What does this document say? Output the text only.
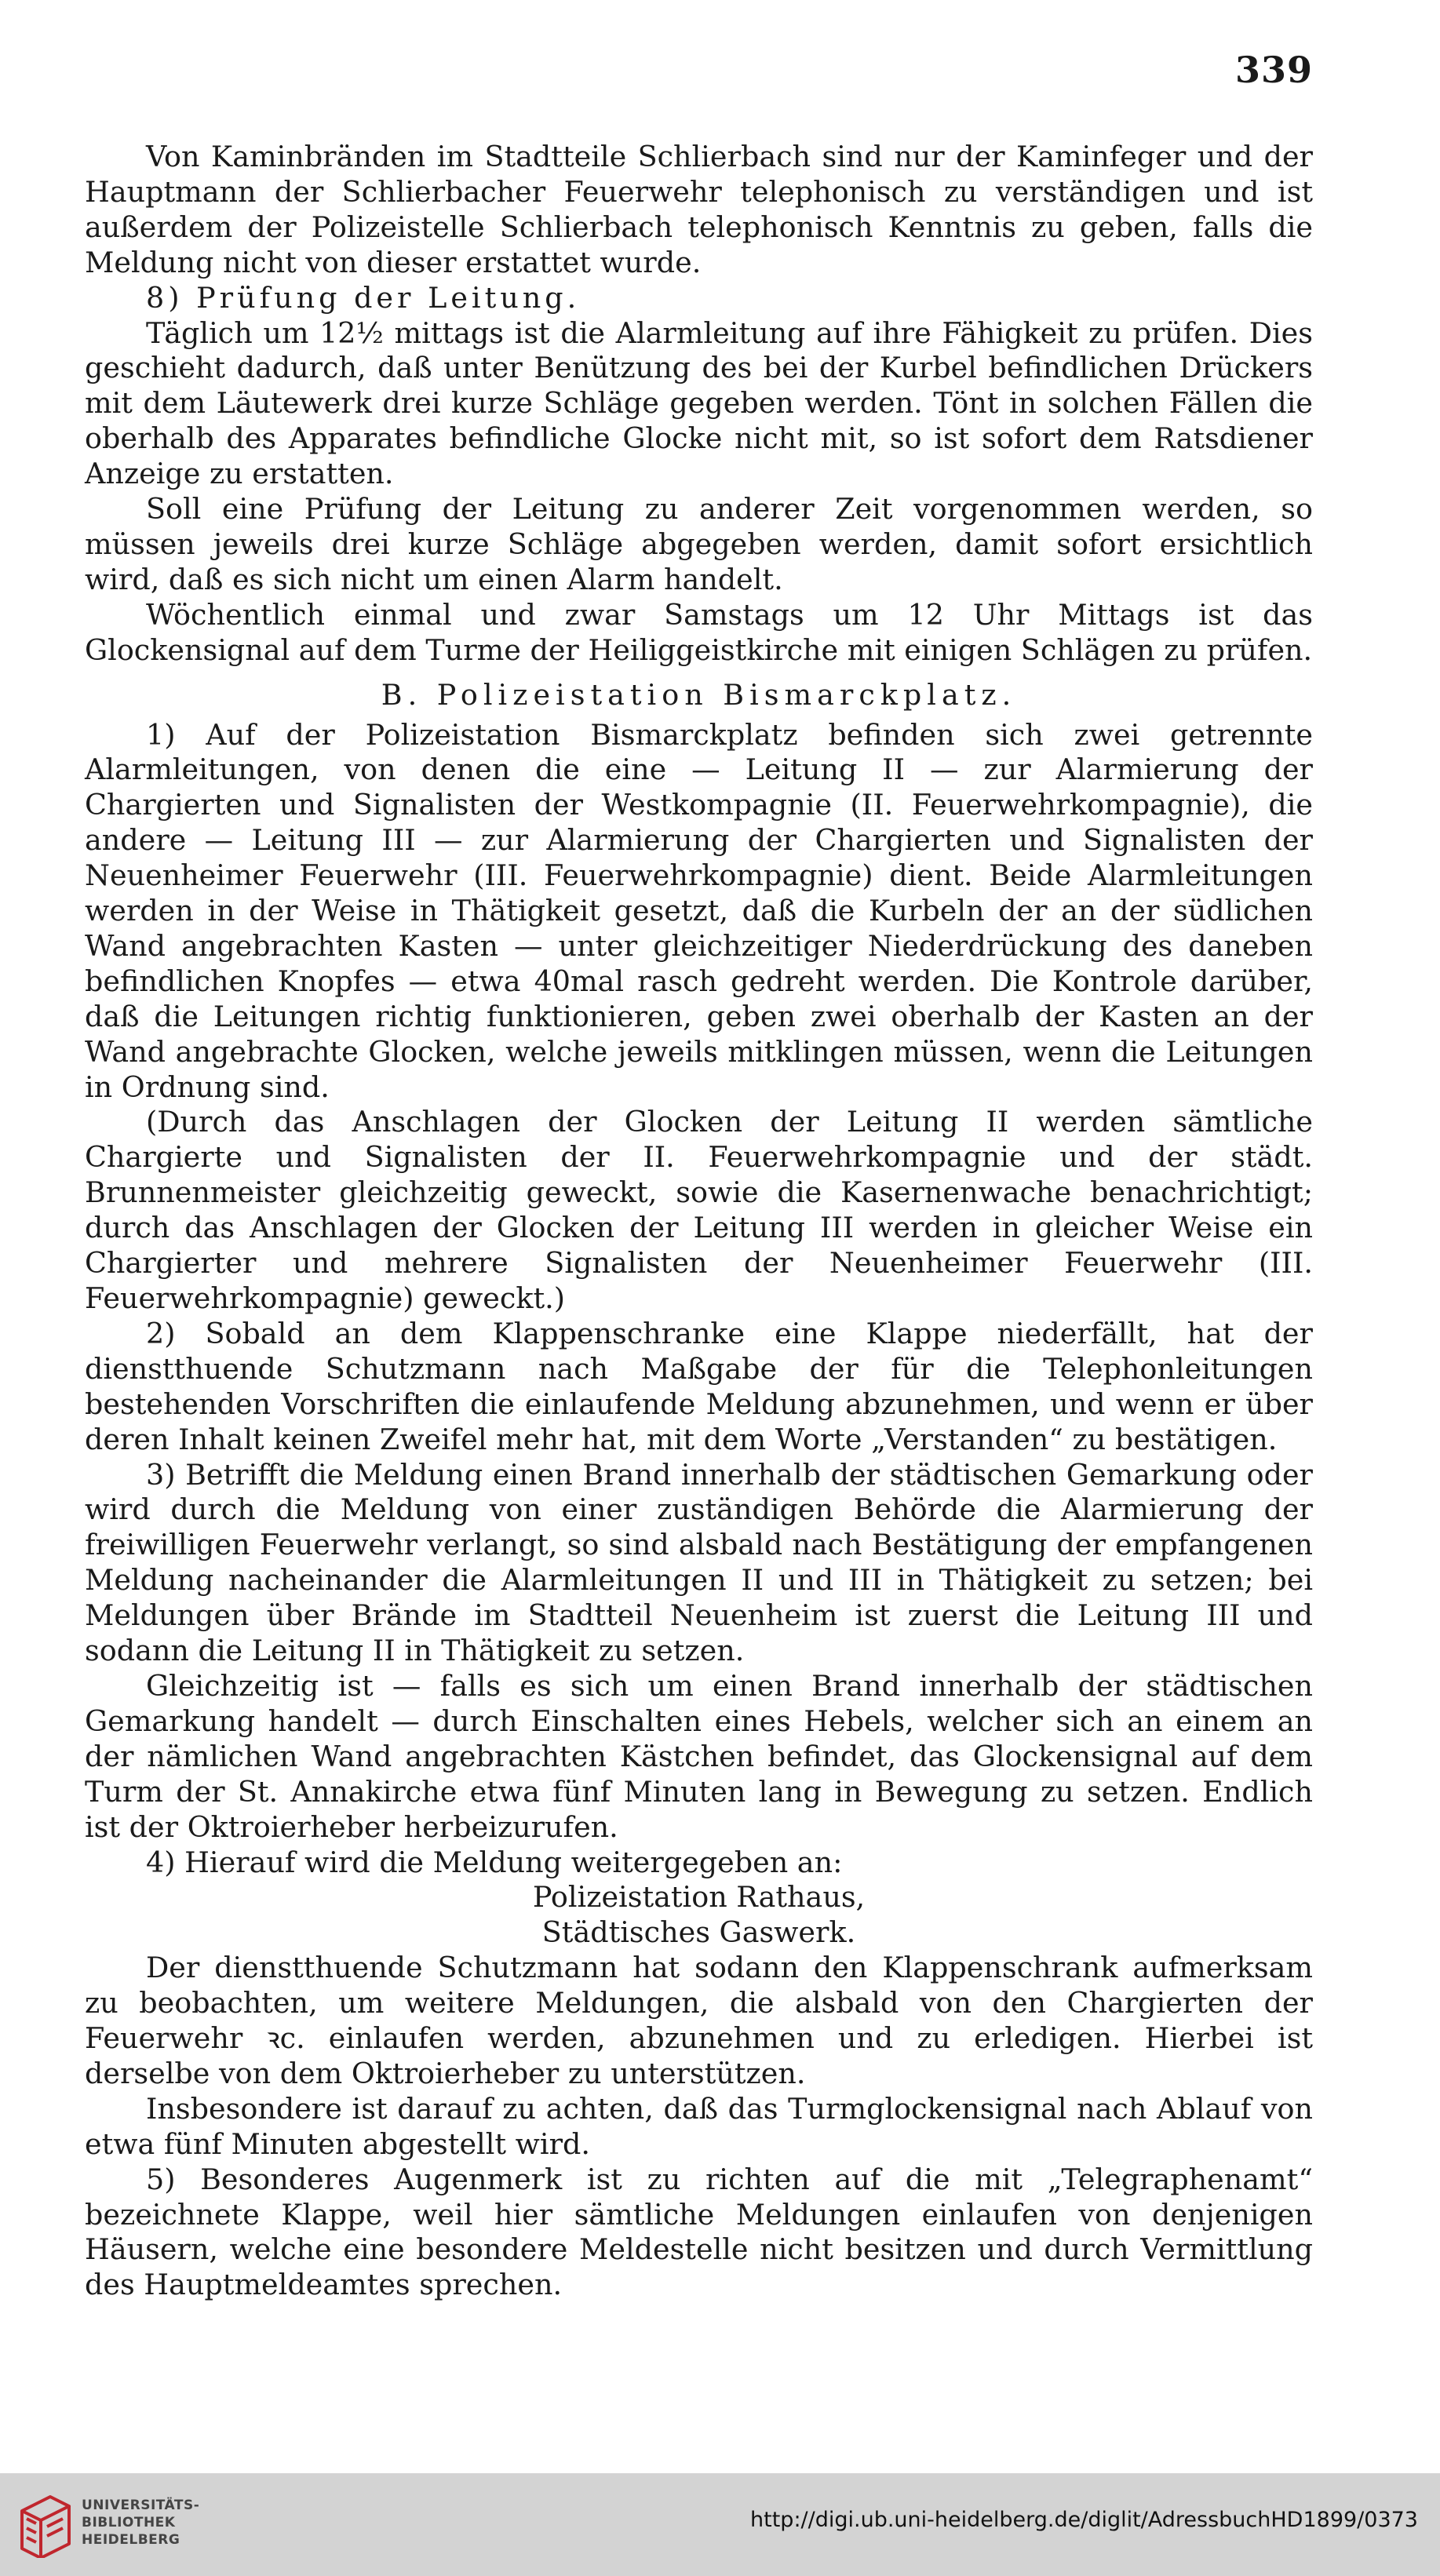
339

Von Kaminbränden im Stadtteile Schlierbach sind nur der Kaminfeger und der Hauptmann der Schlierbacher Feuerwehr telephonisch zu verständigen und ist außerdem der Polizeistelle Schlierbach telephonisch Kenntnis zu geben, falls die Meldung nicht von dieser erstattet wurde.

8) Prüfung der Leitung.

Täglich um 12½ mittags ist die Alarmleitung auf ihre Fähigkeit zu prüfen. Dies geschieht dadurch, daß unter Benützung des bei der Kurbel befindlichen Drückers mit dem Läutewerk drei kurze Schläge gegeben werden. Tönt in solchen Fällen die oberhalb des Apparates befindliche Glocke nicht mit, so ist sofort dem Ratsdiener Anzeige zu erstatten.

Soll eine Prüfung der Leitung zu anderer Zeit vorgenommen werden, so müssen jeweils drei kurze Schläge abgegeben werden, damit sofort ersichtlich wird, daß es sich nicht um einen Alarm handelt.

Wöchentlich einmal und zwar Samstags um 12 Uhr Mittags ist das Glockensignal auf dem Turme der Heiliggeistkirche mit einigen Schlägen zu prüfen.

B. Polizeistation Bismarckplatz.

1) Auf der Polizeistation Bismarckplatz befinden sich zwei getrennte Alarmleitungen, von denen die eine — Leitung II — zur Alarmierung der Chargierten und Signalisten der Westkompagnie (II. Feuerwehrkompagnie), die andere — Leitung III — zur Alarmierung der Chargierten und Signalisten der Neuenheimer Feuerwehr (III. Feuerwehrkompagnie) dient. Beide Alarmleitungen werden in der Weise in Thätigkeit gesetzt, daß die Kurbeln der an der südlichen Wand angebrachten Kasten — unter gleichzeitiger Niederdrückung des daneben befindlichen Knopfes — etwa 40mal rasch gedreht werden. Die Kontrole darüber, daß die Leitungen richtig funktionieren, geben zwei oberhalb der Kasten an der Wand angebrachte Glocken, welche jeweils mitklingen müssen, wenn die Leitungen in Ordnung sind.

(Durch das Anschlagen der Glocken der Leitung II werden sämtliche Chargierte und Signalisten der II. Feuerwehrkompagnie und der städt. Brunnenmeister gleichzeitig geweckt, sowie die Kasernenwache benachrichtigt; durch das Anschlagen der Glocken der Leitung III werden in gleicher Weise ein Chargierter und mehrere Signalisten der Neuenheimer Feuerwehr (III. Feuerwehrkompagnie) geweckt.)

2) Sobald an dem Klappenschranke eine Klappe niederfällt, hat der dienstthuende Schutzmann nach Maßgabe der für die Telephonleitungen bestehenden Vorschriften die einlaufende Meldung abzunehmen, und wenn er über deren Inhalt keinen Zweifel mehr hat, mit dem Worte „Verstanden“ zu bestätigen.

3) Betrifft die Meldung einen Brand innerhalb der städtischen Gemarkung oder wird durch die Meldung von einer zuständigen Behörde die Alarmierung der freiwilligen Feuerwehr verlangt, so sind alsbald nach Bestätigung der empfangenen Meldung nacheinander die Alarmleitungen II und III in Thätigkeit zu setzen; bei Meldungen über Brände im Stadtteil Neuenheim ist zuerst die Leitung III und sodann die Leitung II in Thätigkeit zu setzen.

Gleichzeitig ist — falls es sich um einen Brand innerhalb der städtischen Gemarkung handelt — durch Einschalten eines Hebels, welcher sich an einem an der nämlichen Wand angebrachten Kästchen befindet, das Glockensignal auf dem Turm der St. Annakirche etwa fünf Minuten lang in Bewegung zu setzen. Endlich ist der Oktroierheber herbeizurufen.

4) Hierauf wird die Meldung weitergegeben an:

Polizeistation Rathaus,

Städtisches Gaswerk.

Der dienstthuende Schutzmann hat sodann den Klappenschrank aufmerksam zu beobachten, um weitere Meldungen, die alsbald von den Chargierten der Feuerwehr ꝛc. einlaufen werden, abzunehmen und zu erledigen. Hierbei ist derselbe von dem Oktroierheber zu unterstützen.

Insbesondere ist darauf zu achten, daß das Turmglockensignal nach Ablauf von etwa fünf Minuten abgestellt wird.

5) Besonderes Augenmerk ist zu richten auf die mit „Telegraphenamt“ bezeichnete Klappe, weil hier sämtliche Meldungen einlaufen von denjenigen Häusern, welche eine besondere Meldestelle nicht besitzen und durch Vermittlung des Hauptmeldeamtes sprechen.

UNIVERSITÄTS-
BIBLIOTHEK
HEIDELBERG
http://digi.ub.uni-heidelberg.de/diglit/AdressbuchHD1899/0373
